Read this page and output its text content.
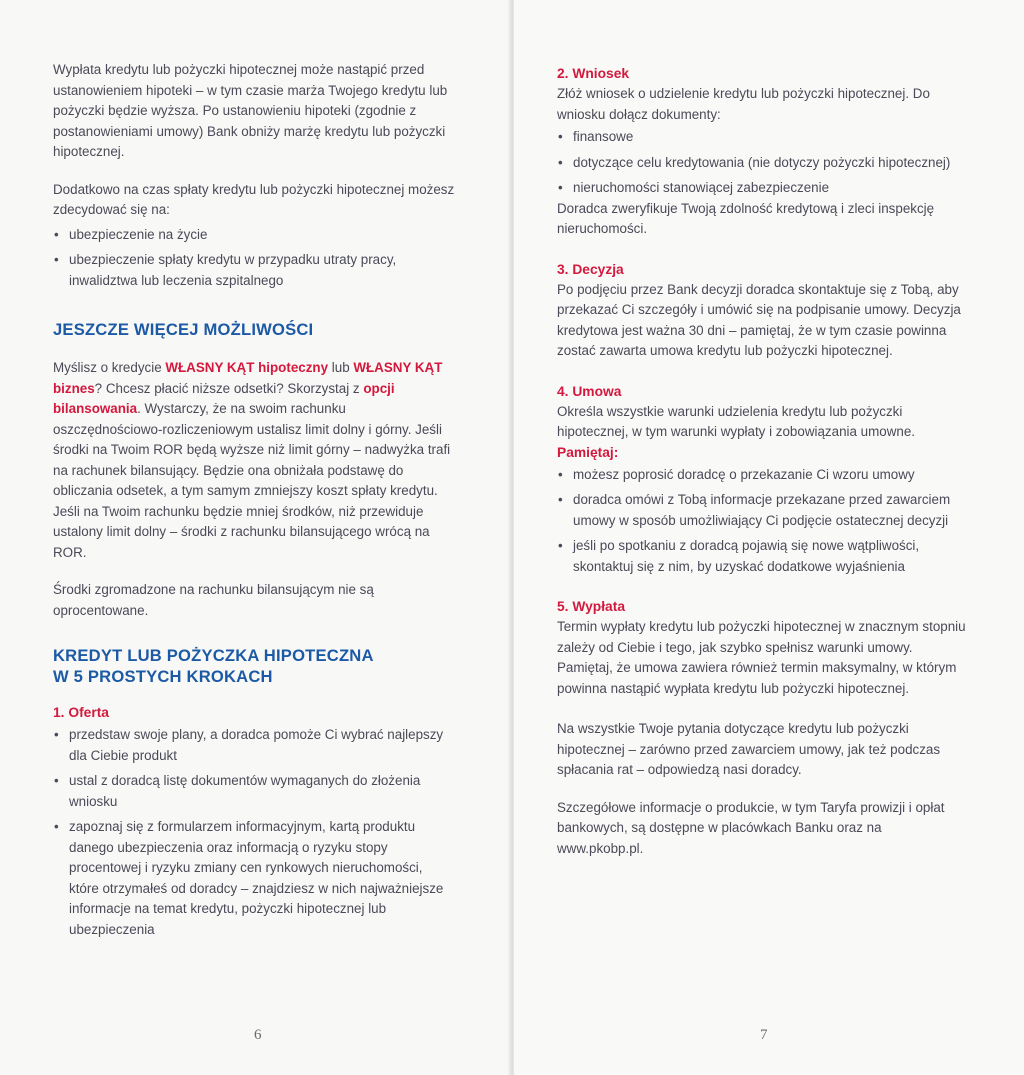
Wypłata kredytu lub pożyczki hipotecznej może nastąpić przed ustanowieniem hipoteki – w tym czasie marża Twojego kredytu lub pożyczki będzie wyższa. Po ustanowieniu hipoteki (zgodnie z postanowieniami umowy) Bank obniży marżę kredytu lub pożyczki hipotecznej.

Dodatkowo na czas spłaty kredytu lub pożyczki hipotecznej możesz zdecydować się na:

• ubezpieczenie na życie
• ubezpieczenie spłaty kredytu w przypadku utraty pracy, inwalidztwa lub leczenia szpitalnego
JESZCZE WIĘCEJ MOŻLIWOŚCI

Myślisz o kredycie WŁASNY KĄT hipoteczny lub WŁASNY KĄT biznes? Chcesz płacić niższe odsetki? Skorzystaj z opcji bilansowania. Wystarczy, że na swoim rachunku oszczędnościowo-rozliczeniowym ustalisz limit dolny i górny. Jeśli środki na Twoim ROR będą wyższe niż limit górny – nadwyżka trafi na rachunek bilansujący. Będzie ona obniżała podstawę do obliczania odsetek, a tym samym zmniejszy koszt spłaty kredytu. Jeśli na Twoim rachunku będzie mniej środków, niż przewiduje ustalony limit dolny – środki z rachunku bilansującego wrócą na ROR.

Środki zgromadzone na rachunku bilansującym nie są oprocentowane.

KREDYT LUB POŻYCZKA HIPOTECZNA
W 5 PROSTYCH KROKACH
1. Oferta
• przedstaw swoje plany, a doradca pomoże Ci wybrać najlepszy dla Ciebie produkt
• ustal z doradcą listę dokumentów wymaganych do złożenia wniosku
• zapoznaj się z formularzem informacyjnym, kartą produktu danego ubezpieczenia oraz informacją o ryzyku stopy procentowej i ryzyku zmiany cen rynkowych nieruchomości, które otrzymałeś od doradcy – znajdziesz w nich najważniejsze informacje na temat kredytu, pożyczki hipotecznej lub ubezpieczenia
6
2. Wniosek

Złóż wniosek o udzielenie kredytu lub pożyczki hipotecznej. Do wniosku dołącz dokumenty:

• finansowe
• dotyczące celu kredytowania (nie dotyczy pożyczki hipotecznej)
• nieruchomości stanowiącej zabezpieczenie

Doradca zweryfikuje Twoją zdolność kredytową i zleci inspekcję nieruchomości.

3. Decyzja

Po podjęciu przez Bank decyzji doradca skontaktuje się z Tobą, aby przekazać Ci szczegóły i umówić się na podpisanie umowy. Decyzja kredytowa jest ważna 30 dni – pamiętaj, że w tym czasie powinna zostać zawarta umowa kredytu lub pożyczki hipotecznej.

4. Umowa

Określa wszystkie warunki udzielenia kredytu lub pożyczki hipotecznej, w tym warunki wypłaty i zobowiązania umowne.

Pamiętaj:
• możesz poprosić doradcę o przekazanie Ci wzoru umowy
• doradca omówi z Tobą informacje przekazane przed zawarciem umowy w sposób umożliwiający Ci podjęcie ostatecznej decyzji
• jeśli po spotkaniu z doradcą pojawią się nowe wątpliwości, skontaktuj się z nim, by uzyskać dodatkowe wyjaśnienia
5. Wypłata

Termin wypłaty kredytu lub pożyczki hipotecznej w znacznym stopniu zależy od Ciebie i tego, jak szybko spełnisz warunki umowy. Pamiętaj, że umowa zawiera również termin maksymalny, w którym powinna nastąpić wypłata kredytu lub pożyczki hipotecznej.

Na wszystkie Twoje pytania dotyczące kredytu lub pożyczki hipotecznej – zarówno przed zawarciem umowy, jak też podczas spłacania rat – odpowiedzą nasi doradcy.

Szczegółowe informacje o produkcie, w tym Taryfa prowizji i opłat bankowych, są dostępne w placówkach Banku oraz na www.pkobp.pl.

7
